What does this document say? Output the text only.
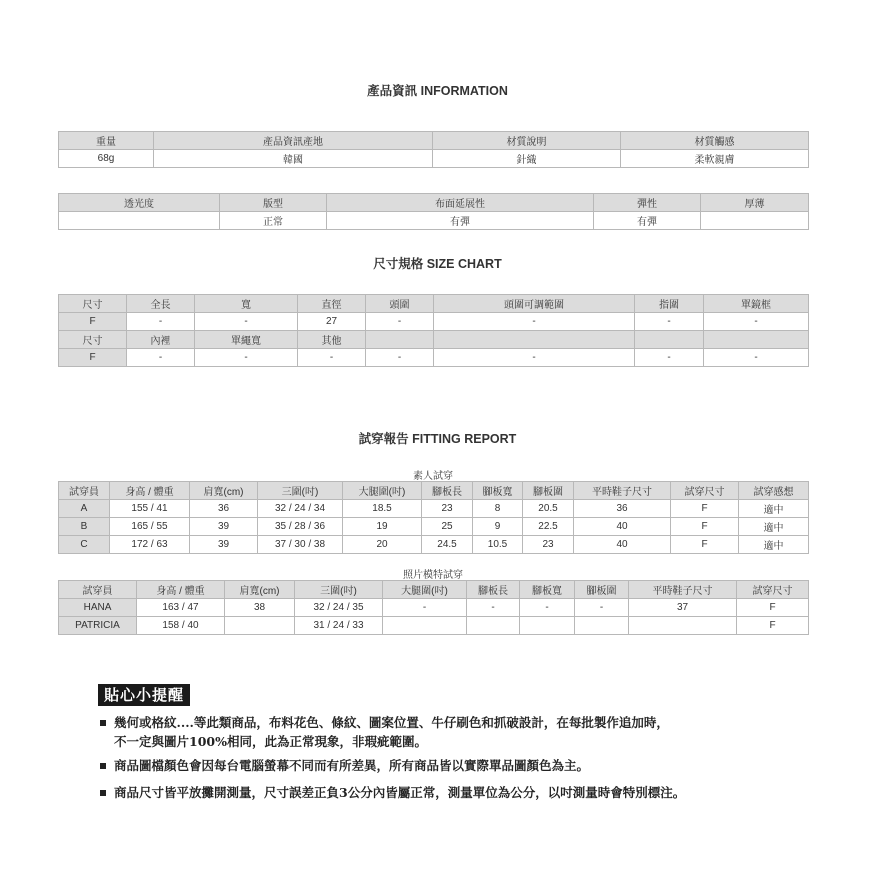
產品資訊 INFORMATION
重量	產品資訊產地	材質說明	材質觸感
68g	韓國	針織	柔軟親膚
透光度	版型	布面延展性	彈性	厚薄
	正常	有彈	有彈	
尺寸規格 SIZE CHART
尺寸	全長	寬	直徑	頭圍	頭圍可調範圍	指圍	單鏡框
F	-	-	27	-	-	-	-
尺寸	內裡	單繩寬	其他				
F	-	-	-	-	-	-	-
試穿報告 FITTING REPORT
素人試穿
試穿員	身高 / 體重	肩寬(cm)	三圍(吋)	大腿圍(吋)	腳板長	腳板寬	腳板圍	平時鞋子尺寸	試穿尺寸	試穿感想
A	155 / 41	36	32 / 24 / 34	18.5	23	8	20.5	36	F	適中
B	165 / 55	39	35 / 28 / 36	19	25	9	22.5	40	F	適中
C	172 / 63	39	37 / 30 / 38	20	24.5	10.5	23	40	F	適中
照片模特試穿
試穿員	身高 / 體重	肩寬(cm)	三圍(吋)	大腿圍(吋)	腳板長	腳板寬	腳板圍	平時鞋子尺寸	試穿尺寸
HANA	163 / 47	38	32 / 24 / 35	-	-	-	-	37	F
PATRICIA	158 / 40		31 / 24 / 33						F
貼心小提醒
幾何或格紋....等此類商品，布料花色、條紋、圖案位置、牛仔刷色和抓破設計，在每批製作追加時，
不一定與圖片100%相同，此為正常現象，非瑕疵範圍。
商品圖檔顏色會因每台電腦螢幕不同而有所差異，所有商品皆以實際單品圖顏色為主。
商品尺寸皆平放攤開測量，尺寸誤差正負3公分內皆屬正常，測量單位為公分，以吋測量時會特別標注。
